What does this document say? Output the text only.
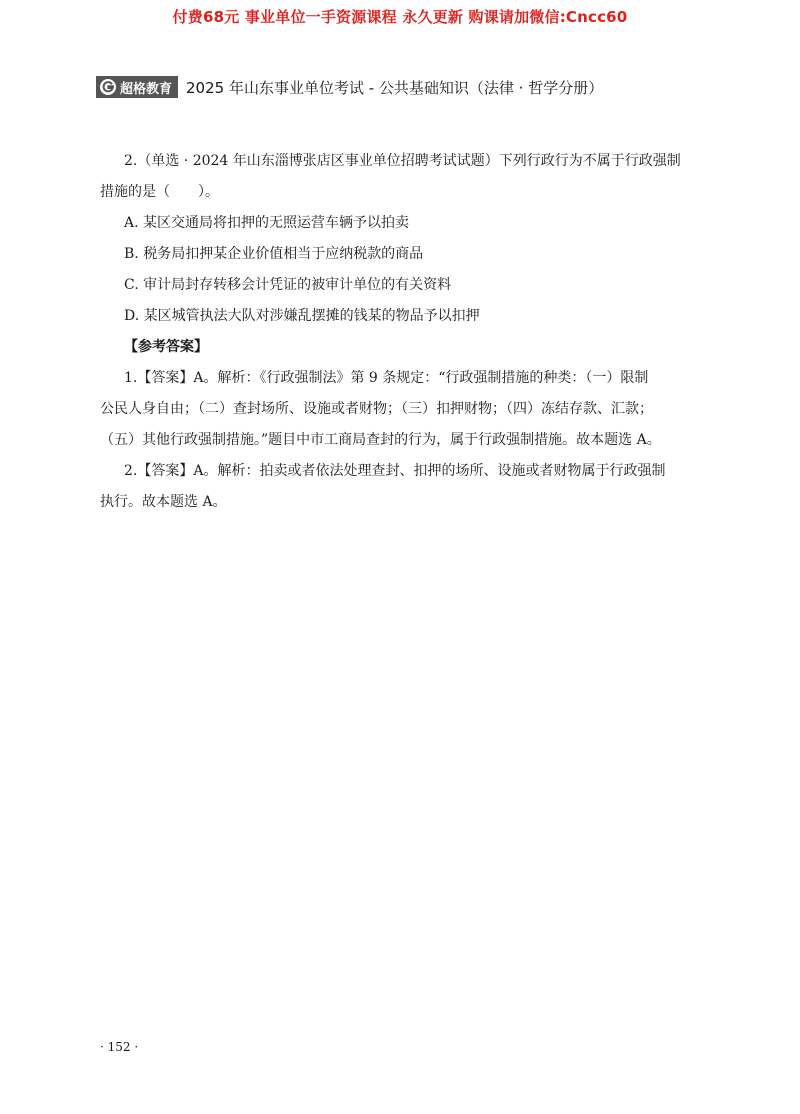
付费68元 事业单位一手资源课程 永久更新 购课请加微信:Cncc60
超格教育 2025 年山东事业单位考试 - 公共基础知识（法律 · 哲学分册）
2.（单选 · 2024 年山东淄博张店区事业单位招聘考试试题）下列行政行为不属于行政强制
措施的是（　　）。
A. 某区交通局将扣押的无照运营车辆予以拍卖
B. 税务局扣押某企业价值相当于应纳税款的商品
C. 审计局封存转移会计凭证的被审计单位的有关资料
D. 某区城管执法大队对涉嫌乱摆摊的钱某的物品予以扣押
【参考答案】
1.【答案】A。解析：《行政强制法》第 9 条规定：“行政强制措施的种类：（一）限制
公民人身自由；（二）查封场所、设施或者财物；（三）扣押财物；（四）冻结存款、汇款；
（五）其他行政强制措施。”题目中市工商局查封的行为，属于行政强制措施。故本题选 A。
2.【答案】A。解析：拍卖或者依法处理查封、扣押的场所、设施或者财物属于行政强制
执行。故本题选 A。
· 152 ·
